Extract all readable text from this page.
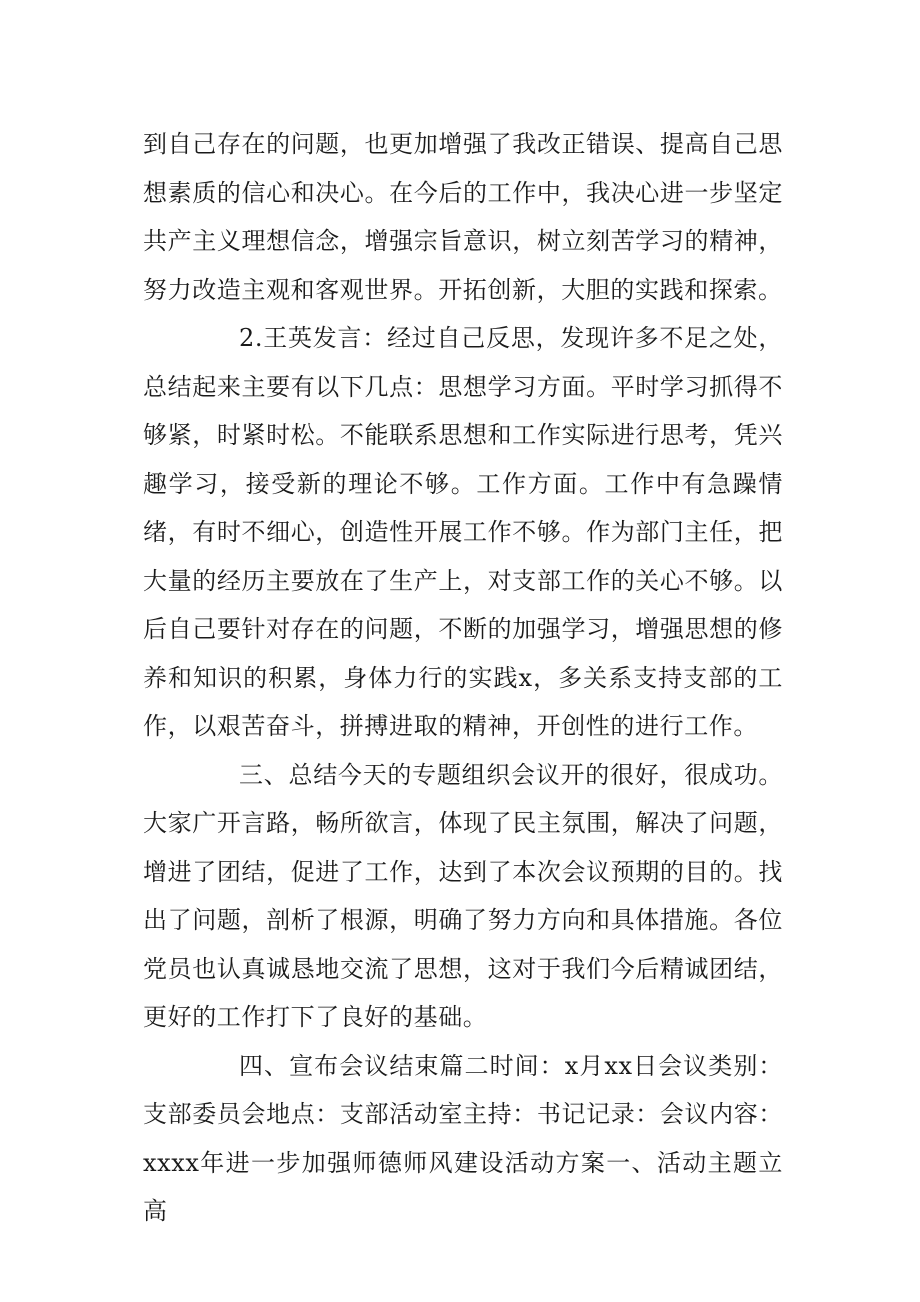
到自己存在的问题，也更加增强了我改正错误、提高自己思想素质的信心和决心。在今后的工作中，我决心进一步坚定共产主义理想信念，增强宗旨意识，树立刻苦学习的精神，努力改造主观和客观世界。开拓创新，大胆的实践和探索。

2.王英发言：经过自己反思，发现许多不足之处，总结起来主要有以下几点：思想学习方面。平时学习抓得不够紧，时紧时松。不能联系思想和工作实际进行思考，凭兴趣学习，接受新的理论不够。工作方面。工作中有急躁情绪，有时不细心，创造性开展工作不够。作为部门主任，把大量的经历主要放在了生产上，对支部工作的关心不够。以后自己要针对存在的问题，不断的加强学习，增强思想的修养和知识的积累，身体力行的实践x，多关系支持支部的工作，以艰苦奋斗，拼搏进取的精神，开创性的进行工作。

三、总结今天的专题组织会议开的很好，很成功。大家广开言路，畅所欲言，体现了民主氛围，解决了问题，增进了团结，促进了工作，达到了本次会议预期的目的。找出了问题，剖析了根源，明确了努力方向和具体措施。各位党员也认真诚恳地交流了思想，这对于我们今后精诚团结，更好的工作打下了良好的基础。

四、宣布会议结束篇二时间：x月xx日会议类别：支部委员会地点：支部活动室主持：书记记录：会议内容：xxxx年进一步加强师德师风建设活动方案一、活动主题立高
